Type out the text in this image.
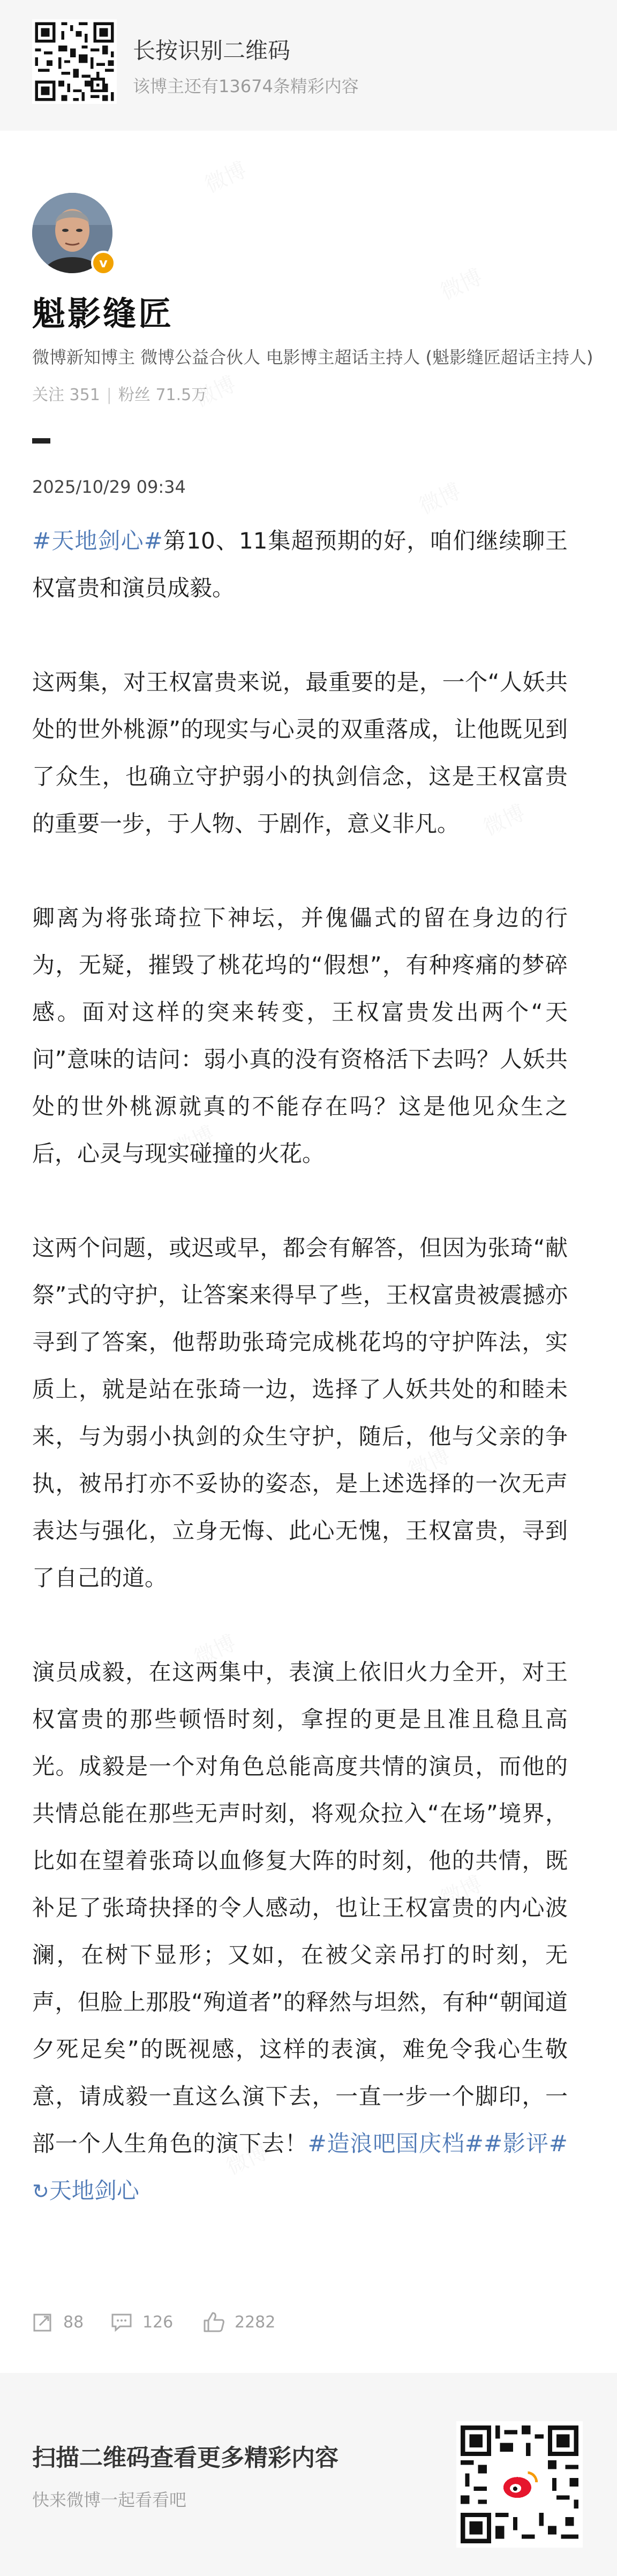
长按识别二维码
该博主还有13674条精彩内容
v
魁影缝匠
微博新知博主 微博公益合伙人 电影博主超话主持人 (魁影缝匠超话主持人)
关注 351 | 粉丝 71.5万
2025/10/29 09:34

#天地剑心#第10、11集超预期的好，咱们继续聊王权富贵和演员成毅。

这两集，对王权富贵来说，最重要的是，一个“人妖共处的世外桃源”的现实与心灵的双重落成，让他既见到了众生，也确立守护弱小的执剑信念，这是王权富贵的重要一步，于人物、于剧作，意义非凡。

卿离为将张琦拉下神坛，并傀儡式的留在身边的行为，无疑，摧毁了桃花坞的“假想”，有种疼痛的梦碎感。面对这样的突来转变，王权富贵发出两个“天问”意味的诘问：弱小真的没有资格活下去吗？人妖共处的世外桃源就真的不能存在吗？这是他见众生之后，心灵与现实碰撞的火花。

这两个问题，或迟或早，都会有解答，但因为张琦“献祭”式的守护，让答案来得早了些，王权富贵被震撼亦寻到了答案，他帮助张琦完成桃花坞的守护阵法，实质上，就是站在张琦一边，选择了人妖共处的和睦未来，与为弱小执剑的众生守护，随后，他与父亲的争执，被吊打亦不妥协的姿态，是上述选择的一次无声表达与强化，立身无悔、此心无愧，王权富贵，寻到了自己的道。

演员成毅，在这两集中，表演上依旧火力全开，对王权富贵的那些顿悟时刻，拿捏的更是且准且稳且高光。成毅是一个对角色总能高度共情的演员，而他的共情总能在那些无声时刻，将观众拉入“在场”境界，比如在望着张琦以血修复大阵的时刻，他的共情，既补足了张琦抉择的令人感动，也让王权富贵的内心波澜，在树下显形；又如，在被父亲吊打的时刻，无声，但脸上那股“殉道者”的释然与坦然，有种“朝闻道夕死足矣”的既视感，这样的表演，难免令我心生敬意，请成毅一直这么演下去，一直一步一个脚印，一部一个人生角色的演下去！#造浪吧国庆档##影评# ↻天地剑心

88	126	2282
扫描二维码查看更多精彩内容
快来微博一起看看吧
